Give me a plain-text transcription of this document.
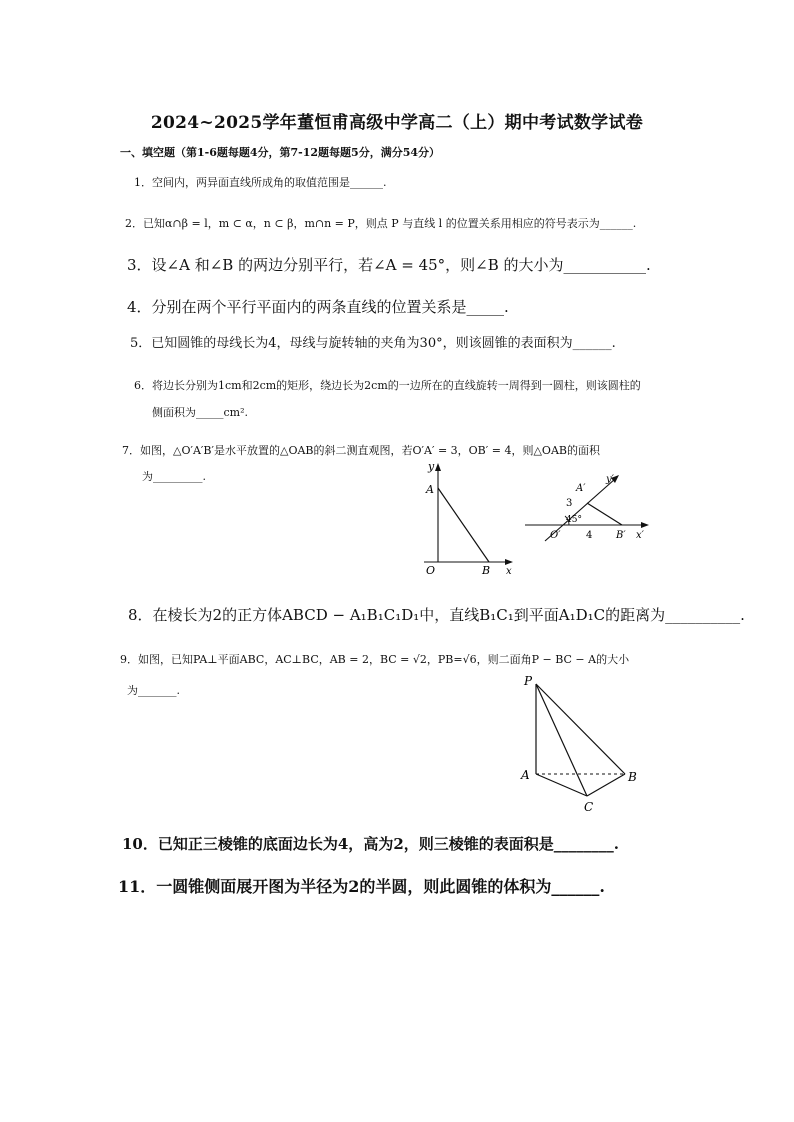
2024~2025学年董恒甫高级中学高二（上）期中考试数学试卷
一、填空题（第1-6题每题4分，第7-12题每题5分，满分54分）
1．空间内，两异面直线所成角的取值范围是______.
2．已知α∩β = l，m ⊂ α，n ⊂ β，m∩n = P，则点 P 与直线 l 的位置关系用相应的符号表示为______.
3．设∠A 和∠B 的两边分别平行，若∠A = 45°，则∠B 的大小为___________.
4．分别在两个平行平面内的两条直线的位置关系是_____.
5．已知圆锥的母线长为4，母线与旋转轴的夹角为30°，则该圆锥的表面积为______.
6．将边长分别为1cm和2cm的矩形，绕边长为2cm的一边所在的直线旋转一周得到一圆柱，则该圆柱的
侧面积为_____cm².
7．如图，△O′A′B′是水平放置的△OAB的斜二测直观图，若O′A′ = 3，OB′ = 4，则△OAB的面积
为_________.
y
A
O	B x
y′
A′
3
45°
O′	4 B′ x′
8．在棱长为2的正方体ABCD − A₁B₁C₁D₁中，直线B₁C₁到平面A₁D₁C的距离为__________.
9．如图，已知PA⊥平面ABC，AC⊥BC，AB = 2，BC = √2，PB=√6，则二面角P − BC − A的大小
为_______.
P
A	B
C
10．已知正三棱锥的底面边长为4，高为2，则三棱锥的表面积是________.
11．一圆锥侧面展开图为半径为2的半圆，则此圆锥的体积为______.
